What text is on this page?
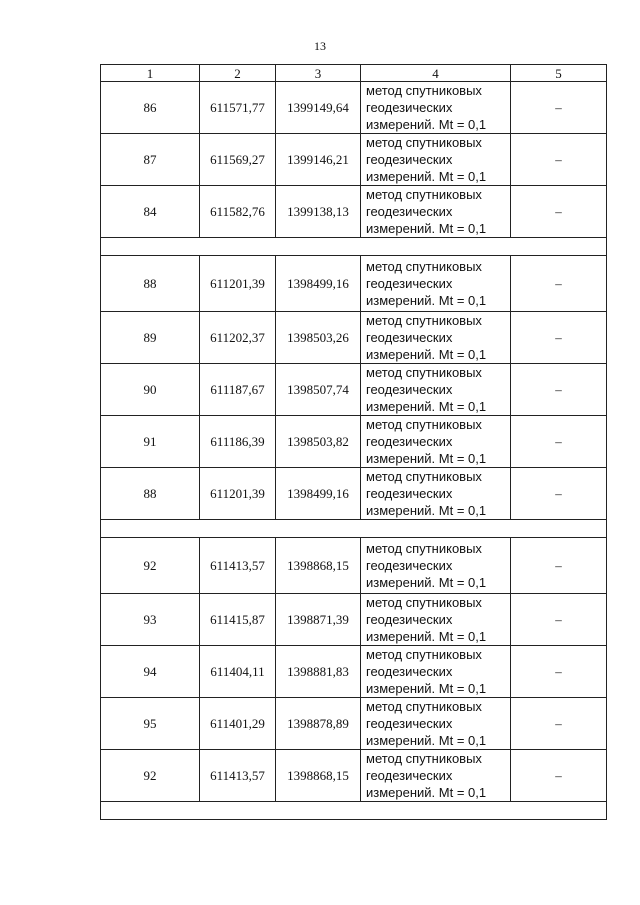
13
1	2	3	4	5
86	611571,77	1399149,64	метод спутниковых
геодезических
измерений. Mt = 0,1	–
87	611569,27	1399146,21	метод спутниковых
геодезических
измерений. Mt = 0,1	–
84	611582,76	1399138,13	метод спутниковых
геодезических
измерений. Mt = 0,1	–

88	611201,39	1398499,16	метод спутниковых
геодезических
измерений. Mt = 0,1	–
89	611202,37	1398503,26	метод спутниковых
геодезических
измерений. Mt = 0,1	–
90	611187,67	1398507,74	метод спутниковых
геодезических
измерений. Mt = 0,1	–
91	611186,39	1398503,82	метод спутниковых
геодезических
измерений. Mt = 0,1	–
88	611201,39	1398499,16	метод спутниковых
геодезических
измерений. Mt = 0,1	–

92	611413,57	1398868,15	метод спутниковых
геодезических
измерений. Mt = 0,1	–
93	611415,87	1398871,39	метод спутниковых
геодезических
измерений. Mt = 0,1	–
94	611404,11	1398881,83	метод спутниковых
геодезических
измерений. Mt = 0,1	–
95	611401,29	1398878,89	метод спутниковых
геодезических
измерений. Mt = 0,1	–
92	611413,57	1398868,15	метод спутниковых
геодезических
измерений. Mt = 0,1	–
